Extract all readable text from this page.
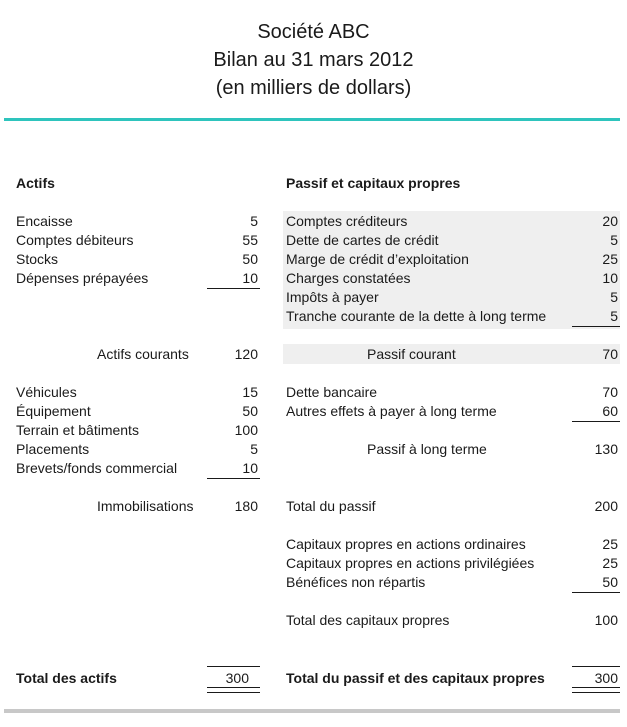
Société ABC
Bilan au 31 mars 2012
(en milliers de dollars)
Actifs
Encaisse	5
Comptes débiteurs	55
Stocks	50
Dépenses prépayées	10
Actifs courants	120
Véhicules	15
Équipement	50
Terrain et bâtiments	100
Placements	5
Brevets/fonds commercial	10
Immobilisations	180
Total des actifs	300
Passif et capitaux propres
Comptes créditeurs	20
Dette de cartes de crédit	5
Marge de crédit d’exploitation	25
Charges constatées	10
Impôts à payer	5
Tranche courante de la dette à long terme	5
Passif courant	70
Dette bancaire	70
Autres effets à payer à long terme	60
Passif à long terme	130
Total du passif	200
Capitaux propres en actions ordinaires	25
Capitaux propres en actions privilégiées	25
Bénéfices non répartis	50
Total des capitaux propres	100
Total du passif et des capitaux propres	300
